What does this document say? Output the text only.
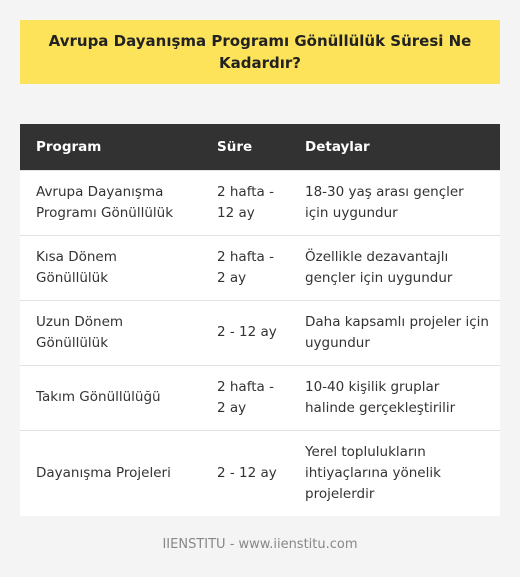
Avrupa Dayanışma Programı Gönüllülük Süresi Ne Kadardır?
Program	Süre	Detaylar
Avrupa Dayanışma Programı Gönüllülük	2 hafta - 12 ay	18-30 yaş arası gençler için uygundur
Kısa Dönem Gönüllülük	2 hafta - 2 ay	Özellikle dezavantajlı gençler için uygundur
Uzun Dönem Gönüllülük	2 - 12 ay	Daha kapsamlı projeler için uygundur
Takım Gönüllülüğü	2 hafta - 2 ay	10-40 kişilik gruplar halinde gerçekleştirilir
Dayanışma Projeleri	2 - 12 ay	Yerel toplulukların ihtiyaçlarına yönelik projelerdir
IIENSTITU - www.iienstitu.com
